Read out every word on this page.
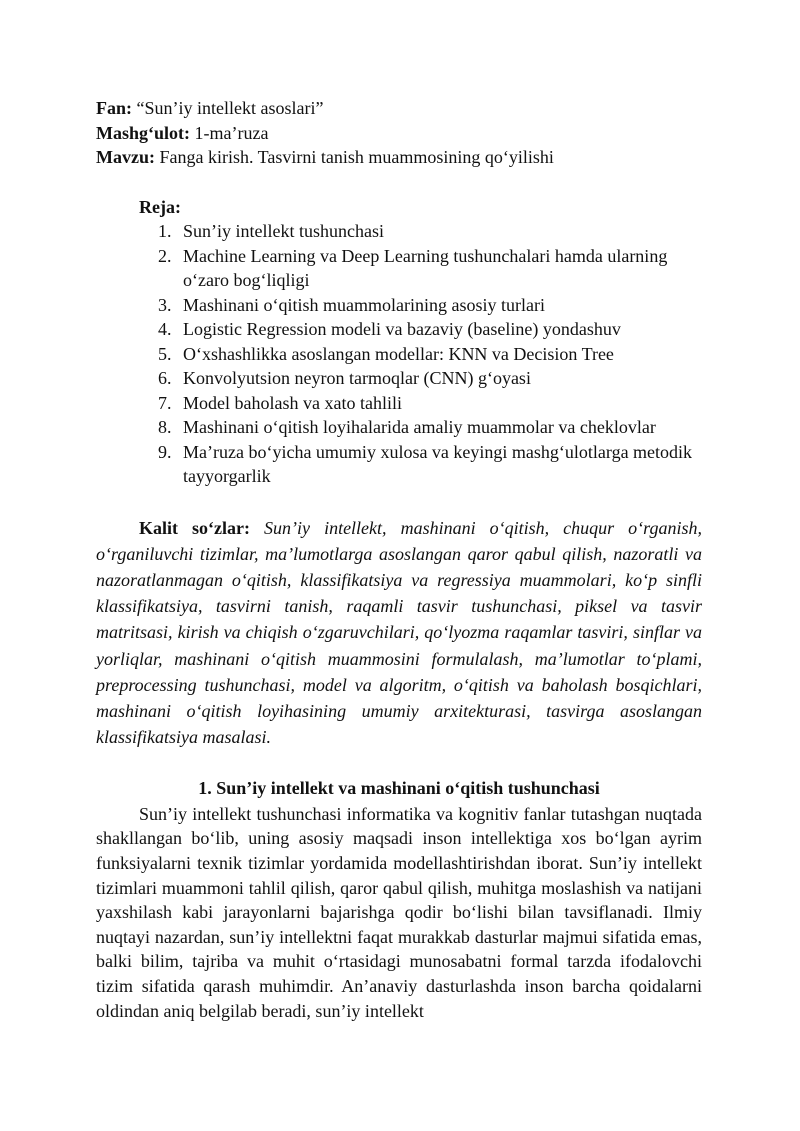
Fan: “Sun’iy intellekt asoslari”
Mashg‘ulot: 1-ma’ruza
Mavzu: Fanga kirish. Tasvirni tanish muammosining qo‘yilishi
Reja:
1. Sun’iy intellekt tushunchasi
2. Machine Learning va Deep Learning tushunchalari hamda ularning o‘zaro bog‘liqligi
3. Mashinani o‘qitish muammolarining asosiy turlari
4. Logistic Regression modeli va bazaviy (baseline) yondashuv
5. O‘xshashlikka asoslangan modellar: KNN va Decision Tree
6. Konvolyutsion neyron tarmoqlar (CNN) g‘oyasi
7. Model baholash va xato tahlili
8. Mashinani o‘qitish loyihalarida amaliy muammolar va cheklovlar
9. Ma’ruza bo‘yicha umumiy xulosa va keyingi mashg‘ulotlarga metodik tayyorgarlik
Kalit so‘zlar: Sun’iy intellekt, mashinani o‘qitish, chuqur o‘rganish, o‘rganiluvchi tizimlar, ma’lumotlarga asoslangan qaror qabul qilish, nazoratli va nazoratlanmagan o‘qitish, klassifikatsiya va regressiya muammolari, ko‘p sinfli klassifikatsiya, tasvirni tanish, raqamli tasvir tushunchasi, piksel va tasvir matritsasi, kirish va chiqish o‘zgaruvchilari, qo‘lyozma raqamlar tasviri, sinflar va yorliqlar, mashinani o‘qitish muammosini formulalash, ma’lumotlar to‘plami, preprocessing tushunchasi, model va algoritm, o‘qitish va baholash bosqichlari, mashinani o‘qitish loyihasining umumiy arxitekturasi, tasvirga asoslangan klassifikatsiya masalasi.
1. Sun’iy intellekt va mashinani o‘qitish tushunchasi
Sun’iy intellekt tushunchasi informatika va kognitiv fanlar tutashgan nuqtada shakllangan bo‘lib, uning asosiy maqsadi inson intellektiga xos bo‘lgan ayrim funksiyalarni texnik tizimlar yordamida modellashtirishdan iborat. Sun’iy intellekt tizimlari muammoni tahlil qilish, qaror qabul qilish, muhitga moslashish va natijani yaxshilash kabi jarayonlarni bajarishga qodir bo‘lishi bilan tavsiflanadi. Ilmiy nuqtayi nazardan, sun’iy intellektni faqat murakkab dasturlar majmui sifatida emas, balki bilim, tajriba va muhit o‘rtasidagi munosabatni formal tarzda ifodalovchi tizim sifatida qarash muhimdir. An’anaviy dasturlashda inson barcha qoidalarni oldindan aniq belgilab beradi, sun’iy intellekt
